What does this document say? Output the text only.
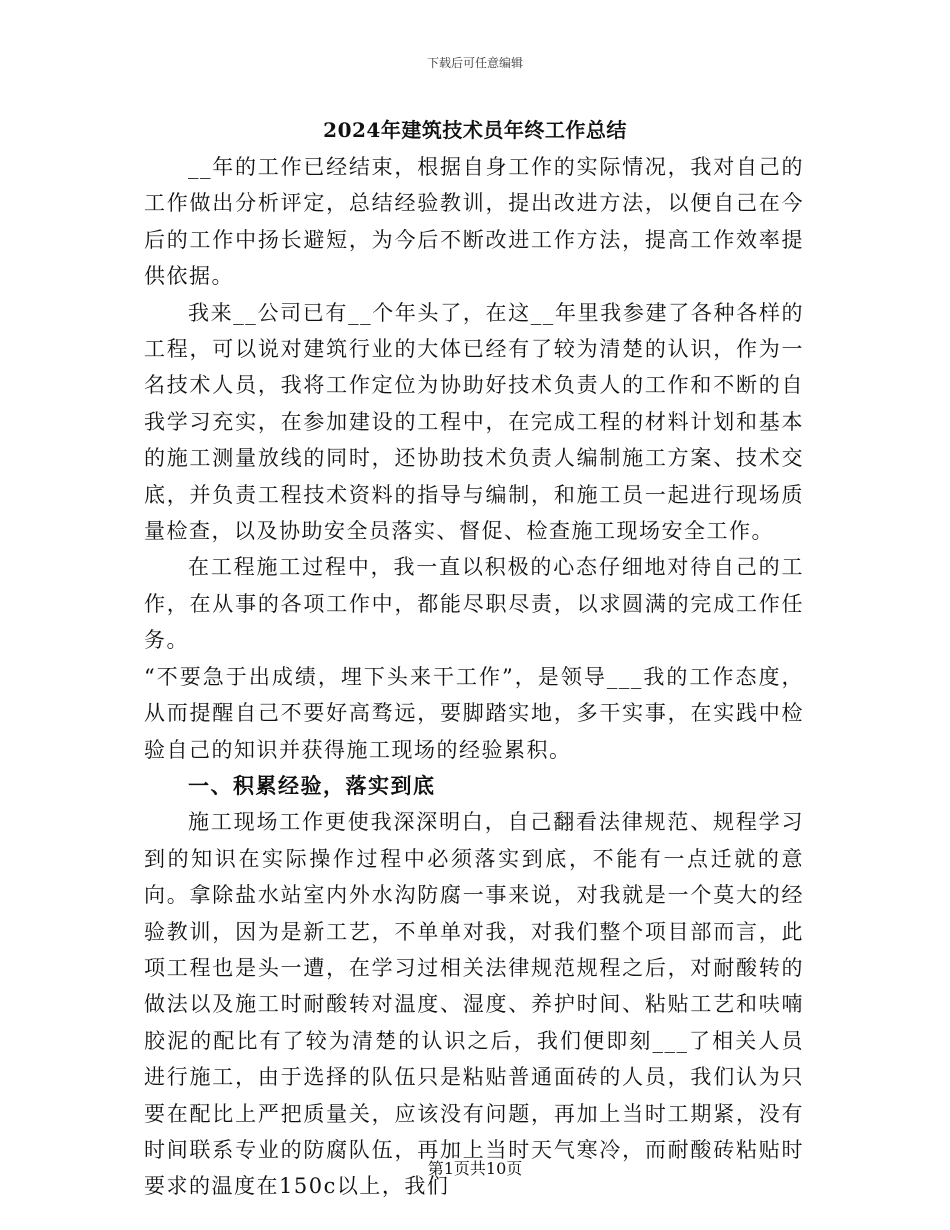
下载后可任意编辑
2024年建筑技术员年终工作总结

__年的工作已经结束，根据自身工作的实际情况，我对自己的工作做出分析评定，总结经验教训，提出改进方法，以便自己在今后的工作中扬长避短，为今后不断改进工作方法，提高工作效率提供依据。

我来__公司已有__个年头了，在这__年里我参建了各种各样的工程，可以说对建筑行业的大体已经有了较为清楚的认识，作为一名技术人员，我将工作定位为协助好技术负责人的工作和不断的自我学习充实，在参加建设的工程中，在完成工程的材料计划和基本的施工测量放线的同时，还协助技术负责人编制施工方案、技术交底，并负责工程技术资料的指导与编制，和施工员一起进行现场质量检查，以及协助安全员落实、督促、检查施工现场安全工作。

在工程施工过程中，我一直以积极的心态仔细地对待自己的工作，在从事的各项工作中，都能尽职尽责，以求圆满的完成工作任务。

“不要急于出成绩，埋下头来干工作”，是领导___我的工作态度，从而提醒自己不要好高骛远，要脚踏实地，多干实事，在实践中检验自己的知识并获得施工现场的经验累积。

一、积累经验，落实到底

施工现场工作更使我深深明白，自己翻看法律规范、规程学习到的知识在实际操作过程中必须落实到底，不能有一点迁就的意向。拿除盐水站室内外水沟防腐一事来说，对我就是一个莫大的经验教训，因为是新工艺，不单单对我，对我们整个项目部而言，此项工程也是头一遭，在学习过相关法律规范规程之后，对耐酸转的做法以及施工时耐酸转对温度、湿度、养护时间、粘贴工艺和呋喃胶泥的配比有了较为清楚的认识之后，我们便即刻___了相关人员进行施工，由于选择的队伍只是粘贴普通面砖的人员，我们认为只要在配比上严把质量关，应该没有问题，再加上当时工期紧，没有时间联系专业的防腐队伍，再加上当时天气寒冷，而耐酸砖粘贴时要求的温度在150c以上，我们

第1页共10页
